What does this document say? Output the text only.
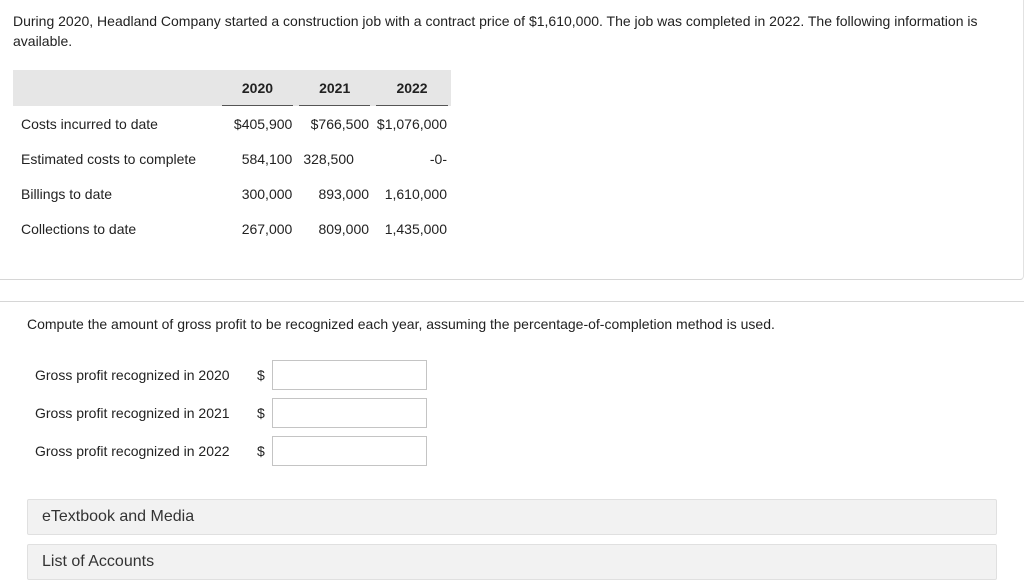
During 2020, Headland Company started a construction job with a contract price of $1,610,000. The job was completed in 2022. The following information is available.

	2020	2021	2022

Costs incurred to date	$405,900	$766,500	$1,076,000
Estimated costs to complete	584,100	328,500	-0-
Billings to date	300,000	893,000	1,610,000
Collections to date	267,000	809,000	1,435,000
Compute the amount of gross profit to be recognized each year, assuming the percentage-of-completion method is used.
Gross profit recognized in 2020	$
Gross profit recognized in 2021	$
Gross profit recognized in 2022	$
eTextbook and Media
List of Accounts
